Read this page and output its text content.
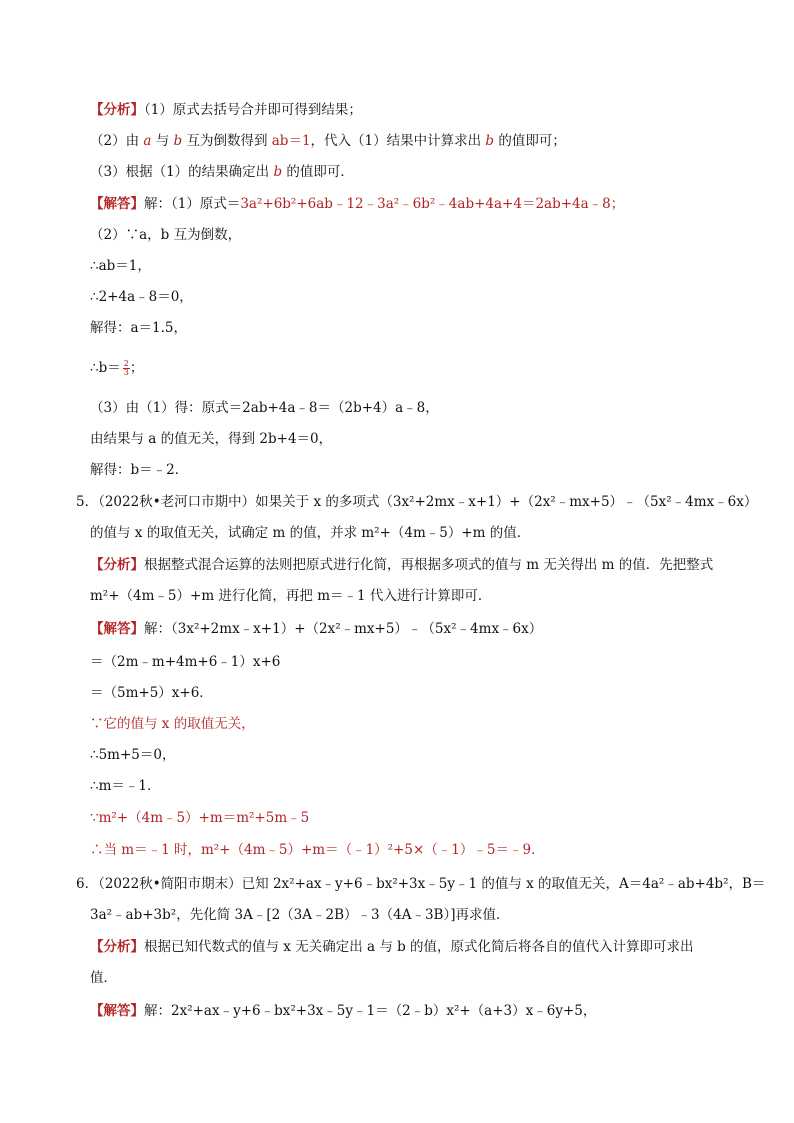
【分析】（1）原式去括号合并即可得到结果；
（2）由 a 与 b 互为倒数得到 ab＝1，代入（1）结果中计算求出 b 的值即可；
（3）根据（1）的结果确定出 b 的值即可．
【解答】解：（1）原式＝3a²+6b²+6ab﹣12﹣3a²﹣6b²﹣4ab+4a+4＝2ab+4a﹣8；
（2）∵a，b 互为倒数，
∴ab＝1，
∴2+4a﹣8＝0，
解得：a＝1.5，
∴b＝ $\frac{2}{3}$ ；
（3）由（1）得：原式＝2ab+4a﹣8＝（2b+4）a﹣8，
由结果与 a 的值无关，得到 2b+4＝0，
解得：b＝﹣2．
5．（2022秋•老河口市期中）如果关于 x 的多项式（3x²+2mx﹣x+1）+（2x²﹣mx+5）﹣（5x²﹣4mx﹣6x）
的值与 x 的取值无关，试确定 m 的值，并求 m²+（4m﹣5）+m 的值．
【分析】根据整式混合运算的法则把原式进行化简，再根据多项式的值与 m 无关得出 m 的值．先把整式
m²+（4m﹣5）+m 进行化简，再把 m＝﹣1 代入进行计算即可．
【解答】解：（3x²+2mx﹣x+1）+（2x²﹣mx+5）﹣（5x²﹣4mx﹣6x）
＝（2m﹣m+4m+6﹣1）x+6
＝（5m+5）x+6．
∵它的值与 x 的取值无关，
∴5m+5＝0，
∴m＝﹣1．
∵m²+（4m﹣5）+m＝m²+5m﹣5
∴当 m＝﹣1 时，m²+（4m﹣5）+m＝（﹣1）²+5×（﹣1）﹣5＝﹣9．
6．（2022秋•简阳市期末）已知 2x²+ax﹣y+6﹣bx²+3x﹣5y﹣1 的值与 x 的取值无关，A＝4a²﹣ab+4b²，B＝
3a²﹣ab+3b²，先化简 3A﹣[2（3A﹣2B）﹣3（4A﹣3B）]再求值．
【分析】根据已知代数式的值与 x 无关确定出 a 与 b 的值，原式化简后将各自的值代入计算即可求出
值．
【解答】解：2x²+ax﹣y+6﹣bx²+3x﹣5y﹣1＝（2﹣b）x²+（a+3）x﹣6y+5，
